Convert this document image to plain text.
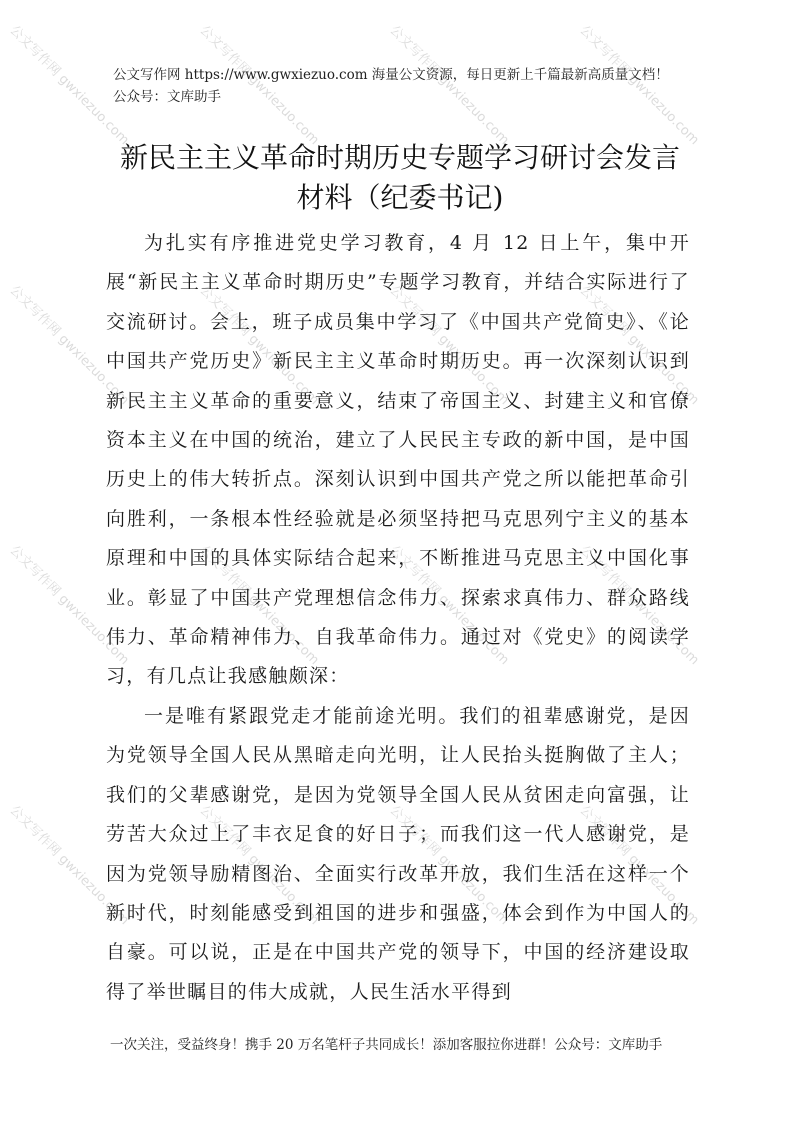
公文写作网 gwxiezuo.com	公文写作网 gwxiezuo.com	公文写作网 gwxiezuo.com	公文写作网 gwxiezuo.com
公文写作网 gwxiezuo.com	公文写作网 gwxiezuo.com	公文写作网 gwxiezuo.com	公文写作网 gwxiezuo.com
公文写作网 gwxiezuo.com	公文写作网 gwxiezuo.com	公文写作网 gwxiezuo.com	公文写作网 gwxiezuo.com
公文写作网 gwxiezuo.com	公文写作网 gwxiezuo.com	公文写作网 gwxiezuo.com	公文写作网 gwxiezuo.com
公文写作网 https://www.gwxiezuo.com 海量公文资源，每日更新上千篇最新高质量文档！ 公众号：文库助手
新民主主义革命时期历史专题学习研讨会发言
材料（纪委书记)

为扎实有序推进党史学习教育，4 月 12 日上午，集中开展“新民主主义革命时期历史”专题学习教育，并结合实际进行了交流研讨。会上，班子成员集中学习了《中国共产党简史》、《论中国共产党历史》新民主主义革命时期历史。再一次深刻认识到新民主主义革命的重要意义，结束了帝国主义、封建主义和官僚资本主义在中国的统治，建立了人民民主专政的新中国，是中国历史上的伟大转折点。深刻认识到中国共产党之所以能把革命引向胜利，一条根本性经验就是必须坚持把马克思列宁主义的基本原理和中国的具体实际结合起来，不断推进马克思主义中国化事业。彰显了中国共产党理想信念伟力、探索求真伟力、群众路线伟力、革命精神伟力、自我革命伟力。通过对《党史》的阅读学习，有几点让我感触颇深：

一是唯有紧跟党走才能前途光明。我们的祖辈感谢党，是因为党领导全国人民从黑暗走向光明，让人民抬头挺胸做了主人；我们的父辈感谢党，是因为党领导全国人民从贫困走向富强，让劳苦大众过上了丰衣足食的好日子；而我们这一代人感谢党，是因为党领导励精图治、全面实行改革开放，我们生活在这样一个新时代，时刻能感受到祖国的进步和强盛，体会到作为中国人的自豪。可以说，正是在中国共产党的领导下，中国的经济建设取得了举世瞩目的伟大成就，人民生活水平得到

一次关注，受益终身！携手 20 万名笔杆子共同成长！添加客服拉你进群！公众号：文库助手
